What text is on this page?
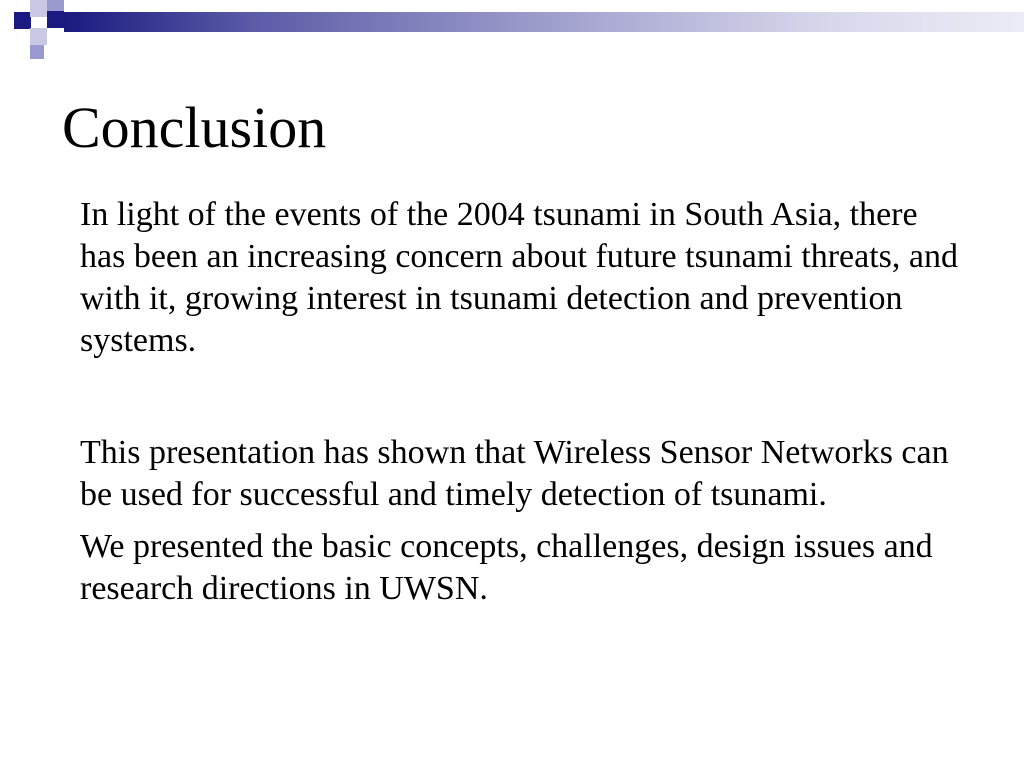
Conclusion

In light of the events of the 2004 tsunami in South Asia, there has been an increasing concern about future tsunami threats, and with it, growing interest in tsunami detection and prevention systems.

This presentation has shown that Wireless Sensor Networks can be used for successful and timely detection of tsunami.

We presented the basic concepts, challenges, design issues and research directions in UWSN.
